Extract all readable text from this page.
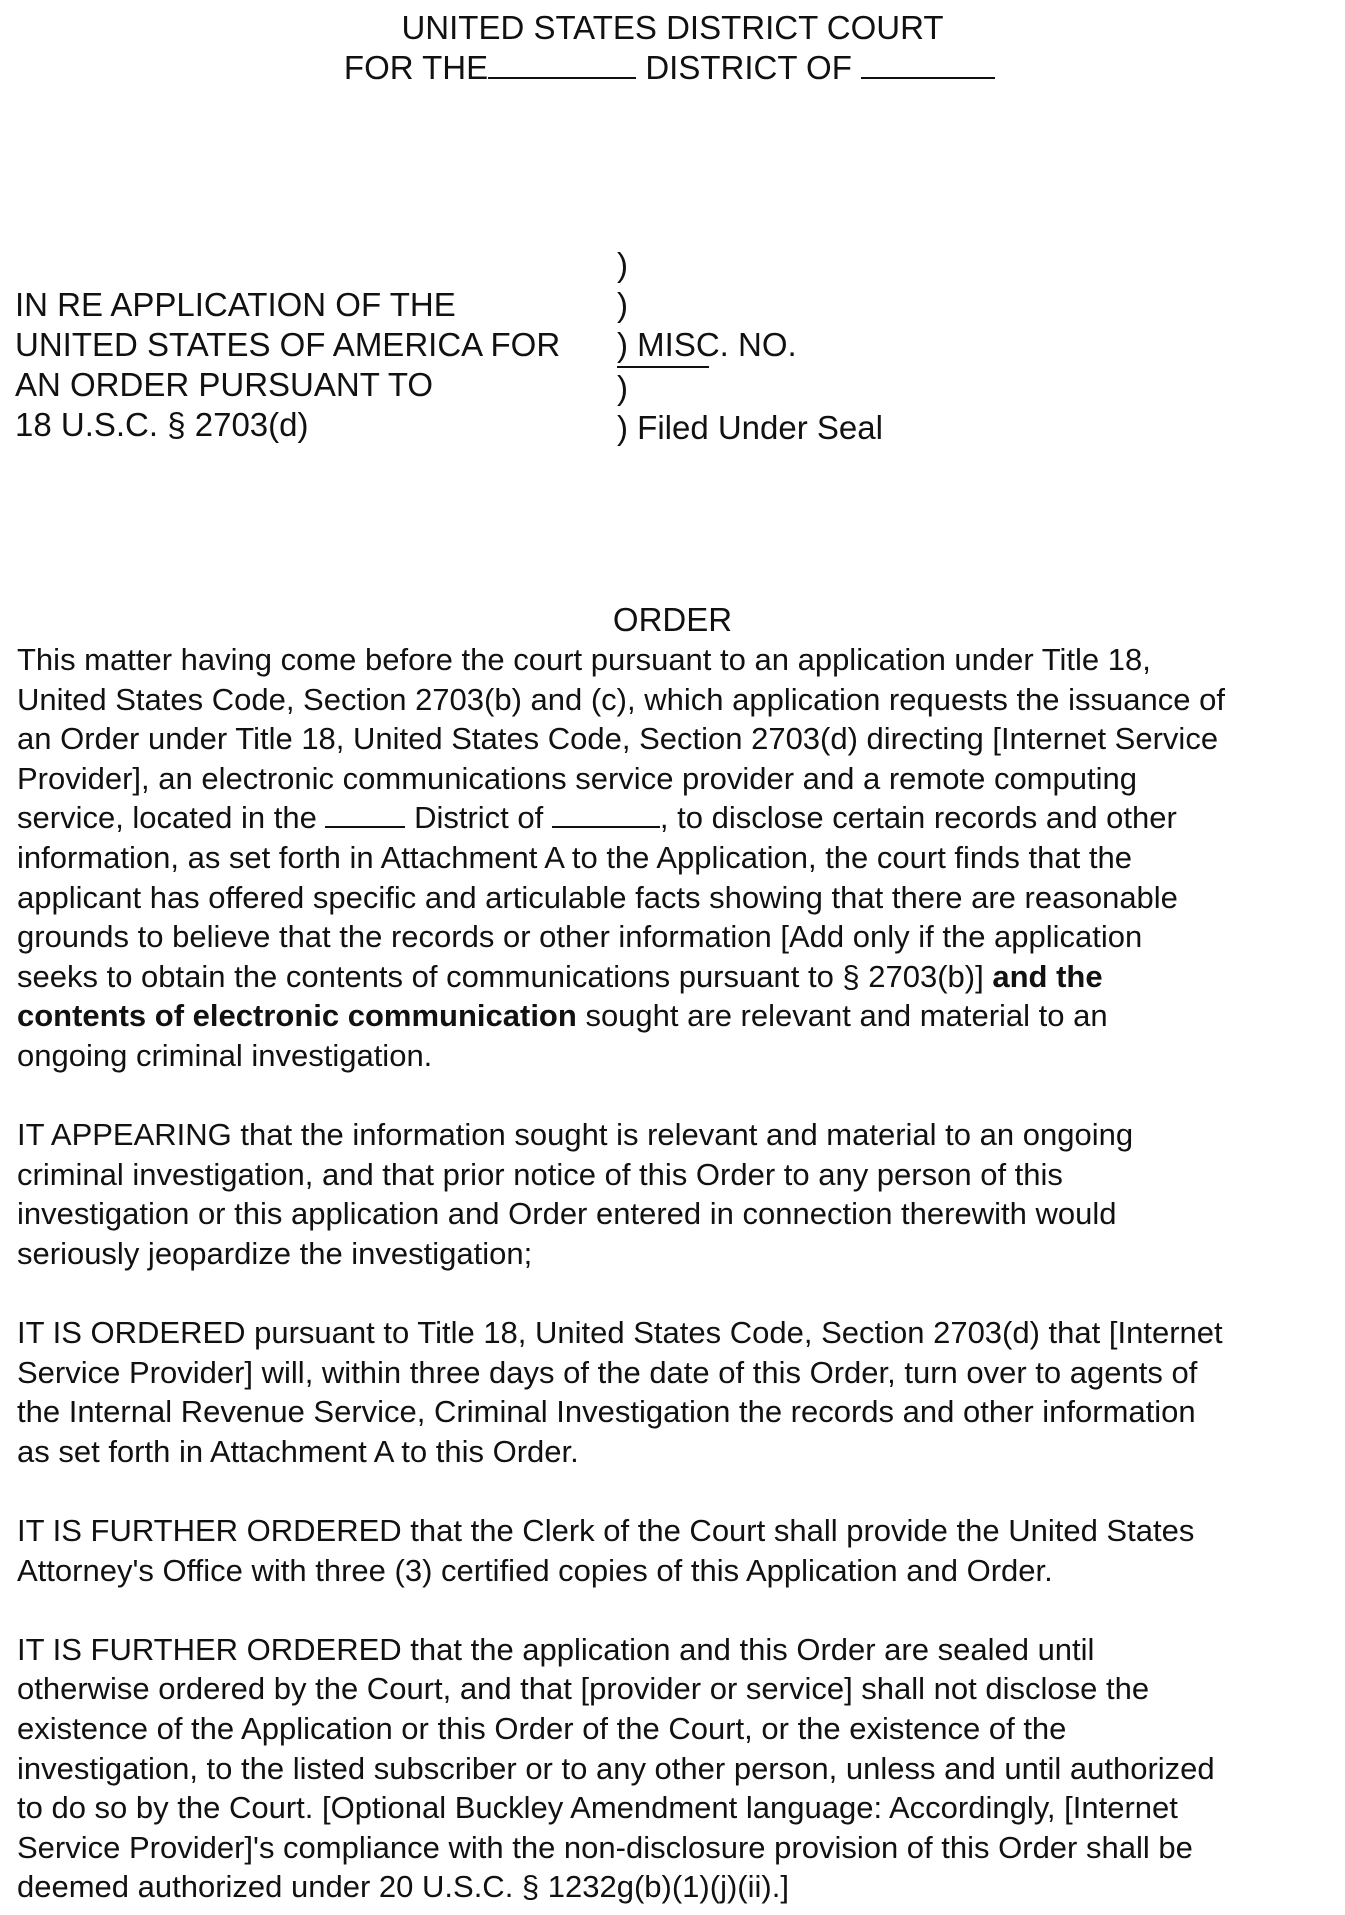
UNITED STATES DISTRICT COURT
FOR THE	DISTRICT OF
IN RE APPLICATION OF THE
UNITED STATES OF AMERICA FOR
AN ORDER PURSUANT TO
18 U.S.C. § 2703(d)
)
)
) MISC. NO.
)
) Filed Under Seal
ORDER
This matter having come before the court pursuant to an application under Title 18,
United States Code, Section 2703(b) and (c), which application requests the issuance of
an Order under Title 18, United States Code, Section 2703(d) directing [Internet Service
Provider], an electronic communications service provider and a remote computing
service, located in the	District of	, to disclose certain records and other
information, as set forth in Attachment A to the Application, the court finds that the
applicant has offered specific and articulable facts showing that there are reasonable
grounds to believe that the records or other information [Add only if the application
seeks to obtain the contents of communications pursuant to § 2703(b)] and the
contents of electronic communication sought are relevant and material to an
ongoing criminal investigation.
IT APPEARING that the information sought is relevant and material to an ongoing
criminal investigation, and that prior notice of this Order to any person of this
investigation or this application and Order entered in connection therewith would
seriously jeopardize the investigation;
IT IS ORDERED pursuant to Title 18, United States Code, Section 2703(d) that [Internet
Service Provider] will, within three days of the date of this Order, turn over to agents of
the Internal Revenue Service, Criminal Investigation the records and other information
as set forth in Attachment A to this Order.
IT IS FURTHER ORDERED that the Clerk of the Court shall provide the United States
Attorney's Office with three (3) certified copies of this Application and Order.
IT IS FURTHER ORDERED that the application and this Order are sealed until
otherwise ordered by the Court, and that [provider or service] shall not disclose the
existence of the Application or this Order of the Court, or the existence of the
investigation, to the listed subscriber or to any other person, unless and until authorized
to do so by the Court. [Optional Buckley Amendment language: Accordingly, [Internet
Service Provider]'s compliance with the non-disclosure provision of this Order shall be
deemed authorized under 20 U.S.C. § 1232g(b)(1)(j)(ii).]
